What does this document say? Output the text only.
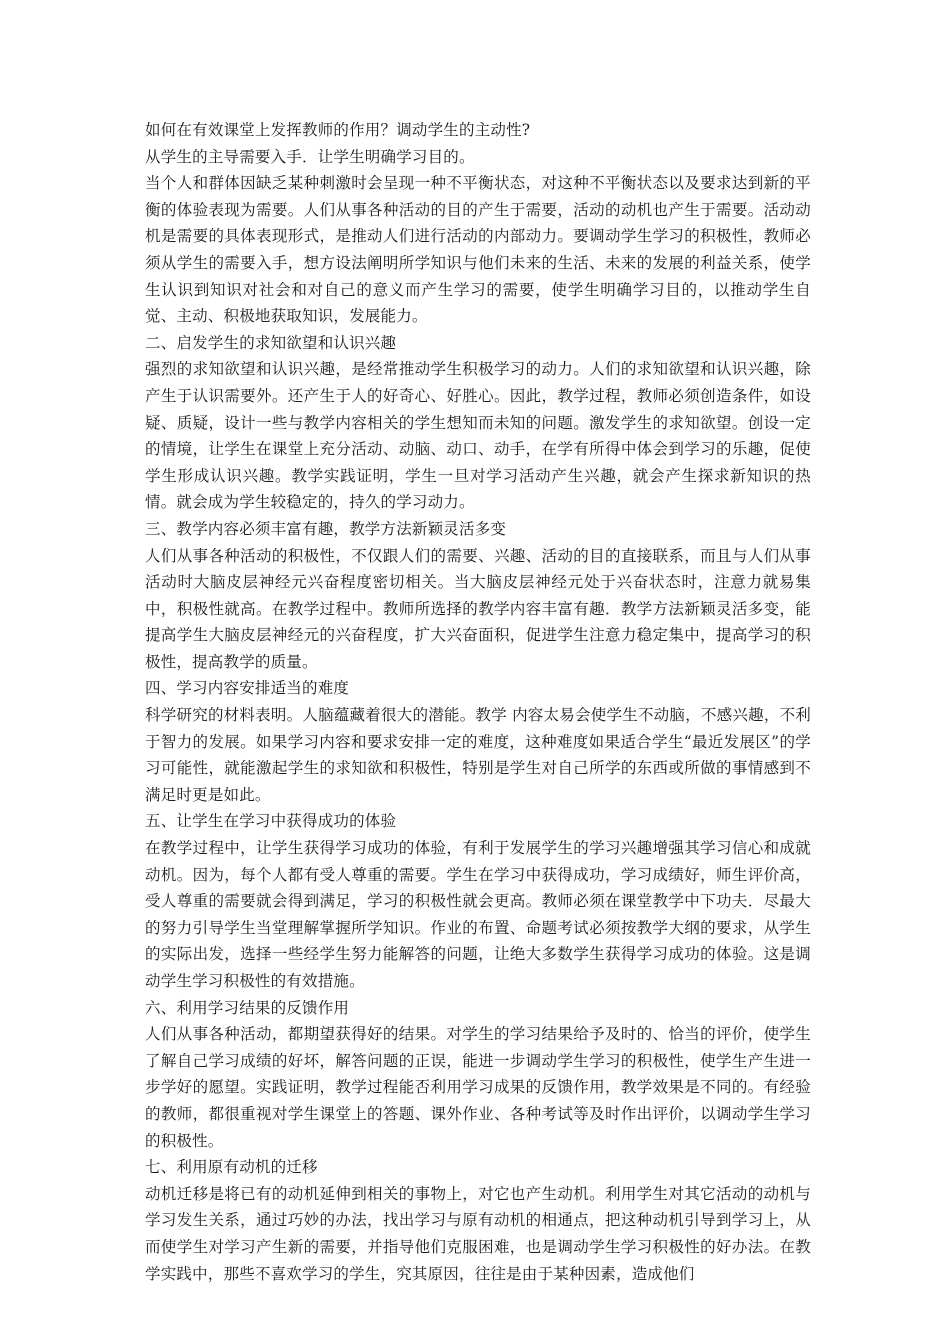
如何在有效课堂上发挥教师的作用？调动学生的主动性?

从学生的主导需要入手．让学生明确学习目的。

当个人和群体因缺乏某种刺激时会呈现一种不平衡状态，对这种不平衡状态以及要求达到新的平衡的体验表现为需要。人们从事各种活动的目的产生于需要，活动的动机也产生于需要。活动动机是需要的具体表现形式，是推动人们进行活动的内部动力。要调动学生学习的积极性，教师必须从学生的需要入手，想方设法阐明所学知识与他们未来的生活、未来的发展的利益关系，使学生认识到知识对社会和对自己的意义而产生学习的需要，使学生明确学习目的，以推动学生自觉、主动、积极地获取知识，发展能力。

二、启发学生的求知欲望和认识兴趣

强烈的求知欲望和认识兴趣，是经常推动学生积极学习的动力。人们的求知欲望和认识兴趣，除产生于认识需要外。还产生于人的好奇心、好胜心。因此，教学过程，教师必须创造条件，如设疑、质疑，设计一些与教学内容相关的学生想知而未知的问题。激发学生的求知欲望。创设一定的情境，让学生在课堂上充分活动、动脑、动口、动手，在学有所得中体会到学习的乐趣，促使学生形成认识兴趣。教学实践证明，学生一旦对学习活动产生兴趣，就会产生探求新知识的热情。就会成为学生较稳定的，持久的学习动力。

三、教学内容必须丰富有趣，教学方法新颖灵活多变

人们从事各种活动的积极性，不仅跟人们的需要、兴趣、活动的目的直接联系，而且与人们从事活动时大脑皮层神经元兴奋程度密切相关。当大脑皮层神经元处于兴奋状态时，注意力就易集中，积极性就高。在教学过程中。教师所选择的教学内容丰富有趣．教学方法新颖灵活多变，能提高学生大脑皮层神经元的兴奋程度，扩大兴奋面积，促进学生注意力稳定集中，提高学习的积极性，提高教学的质量。

四、学习内容安排适当的难度

科学研究的材料表明。人脑蕴藏着很大的潜能。教学 内容太易会使学生不动脑，不感兴趣，不利于智力的发展。如果学习内容和要求安排一定的难度，这种难度如果适合学生“最近发展区”的学习可能性，就能激起学生的求知欲和积极性，特别是学生对自己所学的东西或所做的事情感到不满足时更是如此。

五、让学生在学习中获得成功的体验

在教学过程中，让学生获得学习成功的体验，有利于发展学生的学习兴趣增强其学习信心和成就动机。因为，每个人都有受人尊重的需要。学生在学习中获得成功，学习成绩好，师生评价高，受人尊重的需要就会得到满足，学习的积极性就会更高。教师必须在课堂教学中下功夫．尽最大的努力引导学生当堂理解掌握所学知识。作业的布置、命题考试必须按教学大纲的要求，从学生的实际出发，选择一些经学生努力能解答的问题，让绝大多数学生获得学习成功的体验。这是调动学生学习积极性的有效措施。

六、利用学习结果的反馈作用

人们从事各种活动，都期望获得好的结果。对学生的学习结果给予及时的、恰当的评价，使学生了解自己学习成绩的好坏，解答问题的正误，能进一步调动学生学习的积极性，使学生产生进一步学好的愿望。实践证明，教学过程能否利用学习成果的反馈作用，教学效果是不同的。有经验的教师，都很重视对学生课堂上的答题、课外作业、各种考试等及时作出评价，以调动学生学习的积极性。

七、利用原有动机的迁移

动机迁移是将已有的动机延伸到相关的事物上，对它也产生动机。利用学生对其它活动的动机与学习发生关系，通过巧妙的办法，找出学习与原有动机的相通点，把这种动机引导到学习上，从而使学生对学习产生新的需要，并指导他们克服困难，也是调动学生学习积极性的好办法。在教学实践中，那些不喜欢学习的学生，究其原因，往往是由于某种因素，造成他们
